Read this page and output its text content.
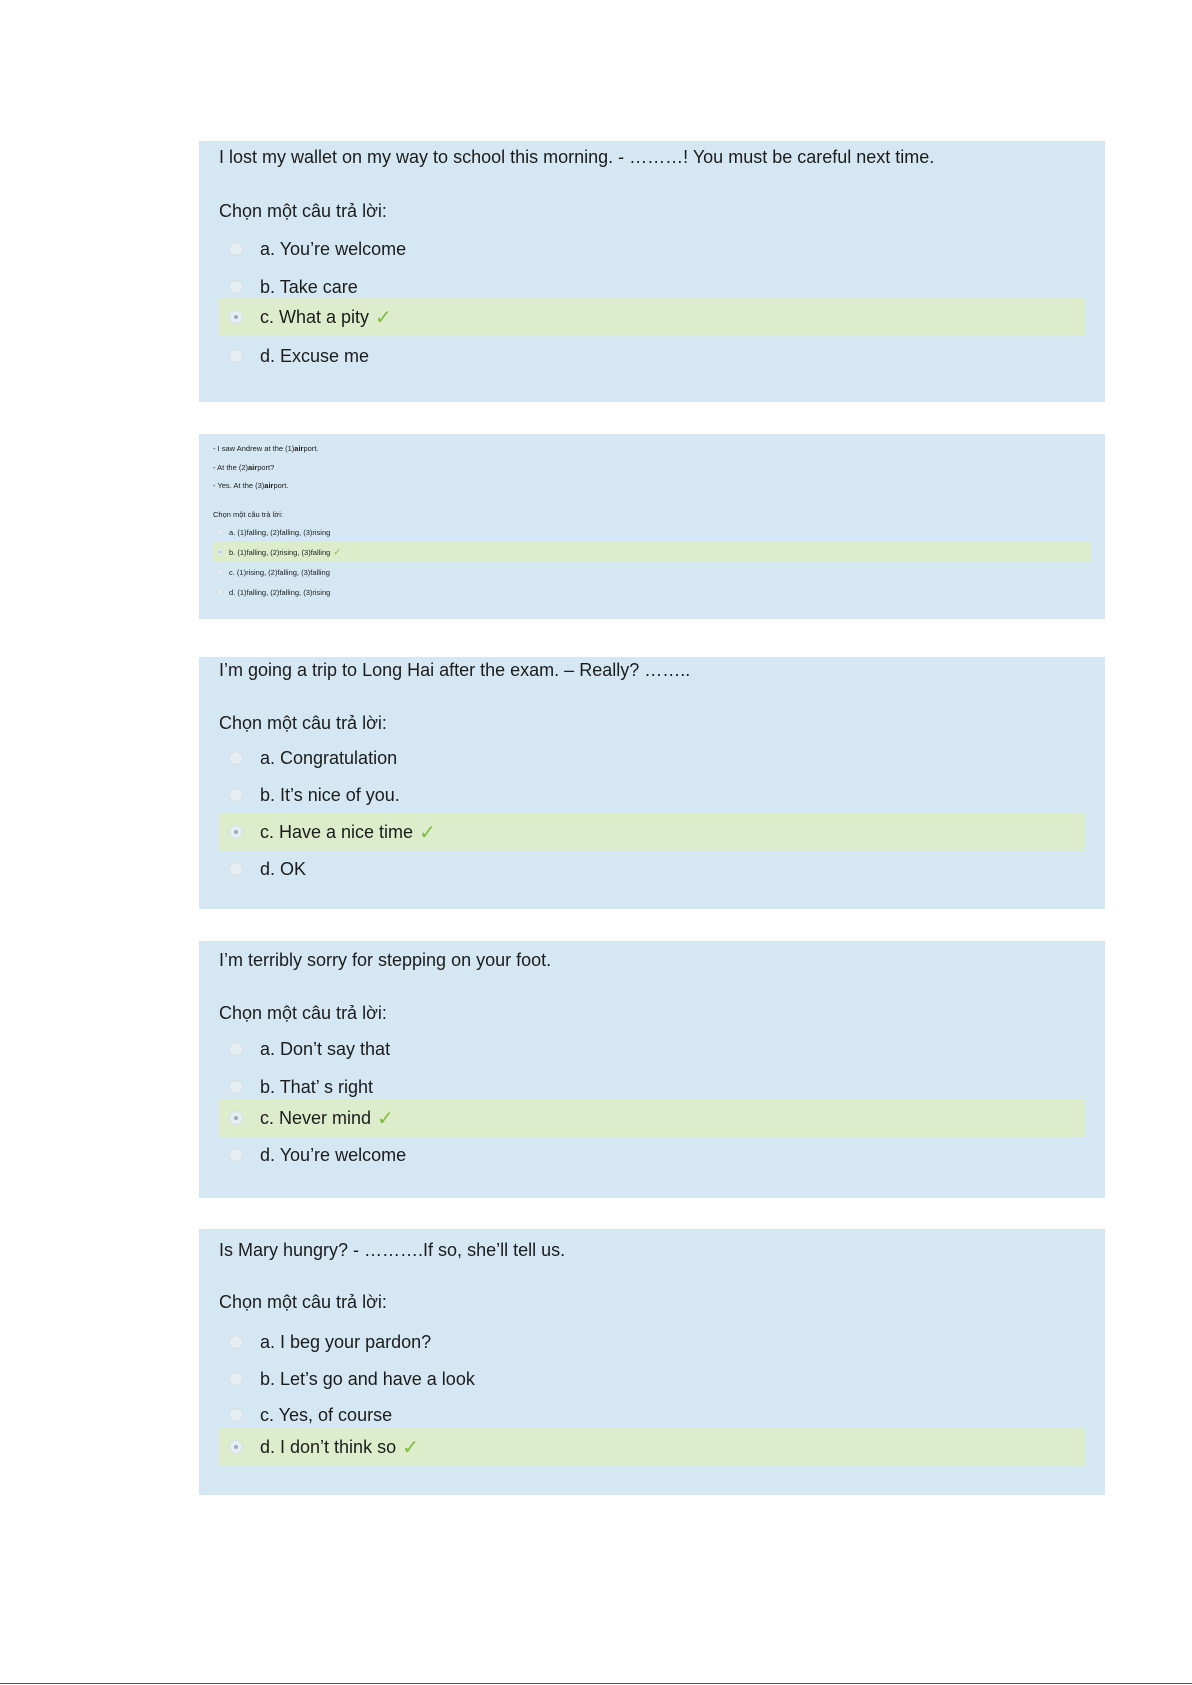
I lost my wallet on my way to school this morning. - ………! You must be careful next time.

Chọn một câu trả lời:
a. You’re welcome
b. Take care
c. What a pity ✓
d. Excuse me
- I saw Andrew at the (1)airport.
- At the (2)airport?
- Yes. At the (3)airport.
Chọn một câu trả lời:
a. (1)falling, (2)falling, (3)rising
b. (1)falling, (2)rising, (3)falling ✓
c. (1)rising, (2)falling, (3)falling
d. (1)falling, (2)falling, (3)rising

I’m going a trip to Long Hai after the exam. – Really? ……..

Chọn một câu trả lời:
a. Congratulation
b. It’s nice of you.
c. Have a nice time ✓
d. OK

I’m terribly sorry for stepping on your foot.

Chọn một câu trả lời:
a. Don’t say that
b. That’ s right
c. Never mind ✓
d. You’re welcome

Is Mary hungry? - ……….If so, she’ll tell us.

Chọn một câu trả lời:
a. I beg your pardon?
b. Let’s go and have a look
c. Yes, of course
d. I don’t think so ✓
